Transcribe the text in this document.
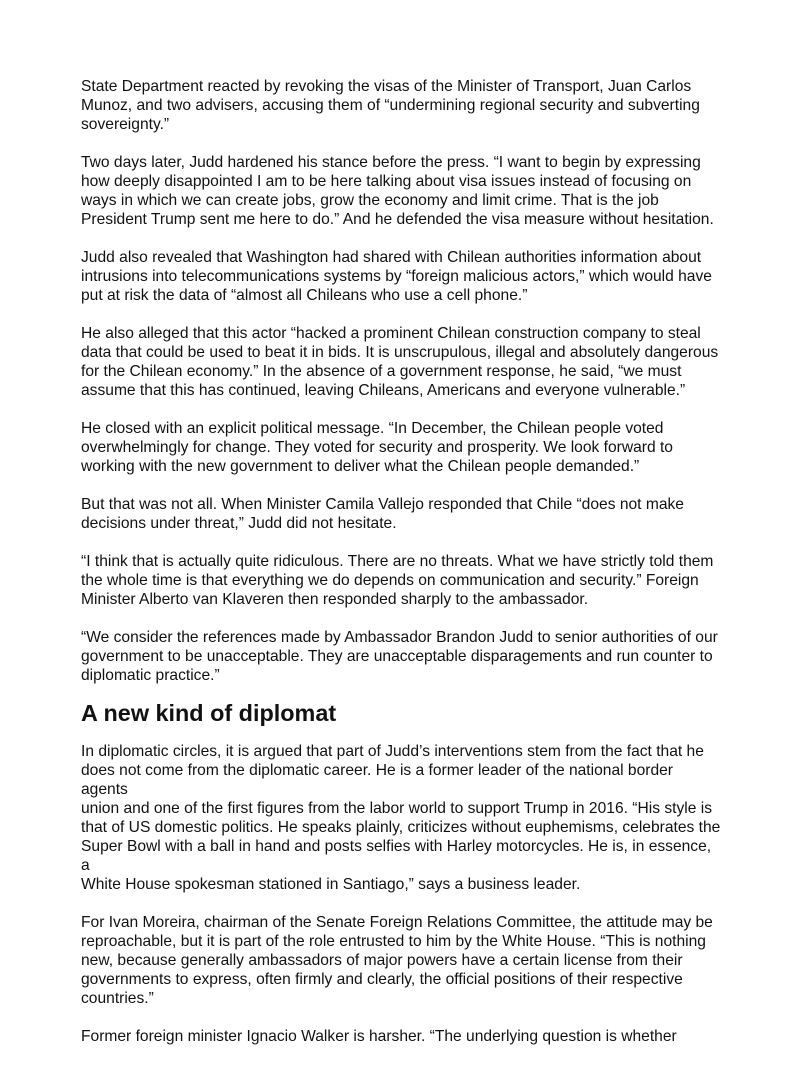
State Department reacted by revoking the visas of the Minister of Transport, Juan Carlos
Munoz, and two advisers, accusing them of “undermining regional security and subverting
sovereignty.”

Two days later, Judd hardened his stance before the press. “I want to begin by expressing
how deeply disappointed I am to be here talking about visa issues instead of focusing on
ways in which we can create jobs, grow the economy and limit crime. That is the job
President Trump sent me here to do.” And he defended the visa measure without hesitation.

Judd also revealed that Washington had shared with Chilean authorities information about
intrusions into telecommunications systems by “foreign malicious actors,” which would have
put at risk the data of “almost all Chileans who use a cell phone.”

He also alleged that this actor “hacked a prominent Chilean construction company to steal
data that could be used to beat it in bids. It is unscrupulous, illegal and absolutely dangerous
for the Chilean economy.” In the absence of a government response, he said, “we must
assume that this has continued, leaving Chileans, Americans and everyone vulnerable.”

He closed with an explicit political message. “In December, the Chilean people voted
overwhelmingly for change. They voted for security and prosperity. We look forward to
working with the new government to deliver what the Chilean people demanded.”

But that was not all. When Minister Camila Vallejo responded that Chile “does not make
decisions under threat,” Judd did not hesitate.

“I think that is actually quite ridiculous. There are no threats. What we have strictly told them
the whole time is that everything we do depends on communication and security.” Foreign
Minister Alberto van Klaveren then responded sharply to the ambassador.

“We consider the references made by Ambassador Brandon Judd to senior authorities of our
government to be unacceptable. They are unacceptable disparagements and run counter to
diplomatic practice.”

A new kind of diplomat

In diplomatic circles, it is argued that part of Judd’s interventions stem from the fact that he
does not come from the diplomatic career. He is a former leader of the national border agents
union and one of the first figures from the labor world to support Trump in 2016. “His style is
that of US domestic politics. He speaks plainly, criticizes without euphemisms, celebrates the
Super Bowl with a ball in hand and posts selfies with Harley motorcycles. He is, in essence, a
White House spokesman stationed in Santiago,” says a business leader.

For Ivan Moreira, chairman of the Senate Foreign Relations Committee, the attitude may be
reproachable, but it is part of the role entrusted to him by the White House. “This is nothing
new, because generally ambassadors of major powers have a certain license from their
governments to express, often firmly and clearly, the official positions of their respective
countries.”

Former foreign minister Ignacio Walker is harsher. “The underlying question is whether
